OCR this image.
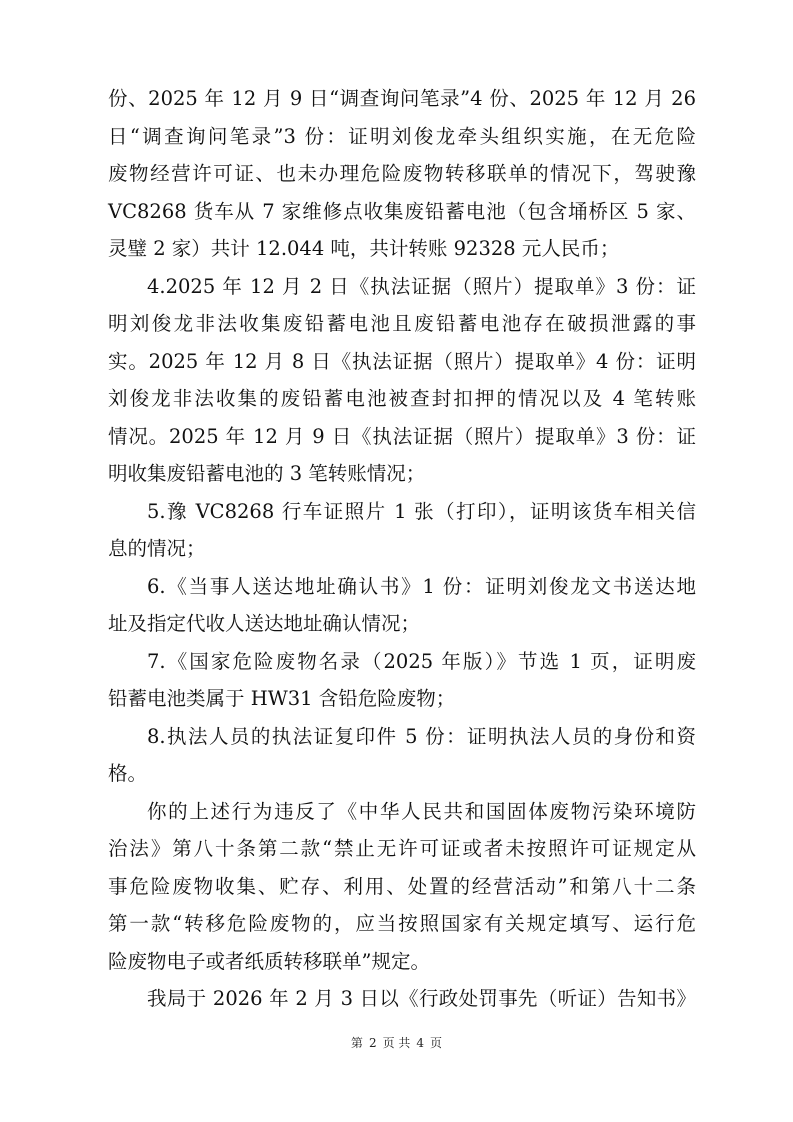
份、2025 年 12 月 9 日“调查询问笔录”4 份、2025 年 12 月 26
日“调查询问笔录”3 份：证明刘俊龙牵头组织实施，在无危险
废物经营许可证、也未办理危险废物转移联单的情况下，驾驶豫
VC8268 货车从 7 家维修点收集废铅蓄电池（包含埇桥区 5 家、
灵璧 2 家）共计 12.044 吨，共计转账 92328 元人民币；
4.2025 年 12 月 2 日《执法证据（照片）提取单》3 份：证
明刘俊龙非法收集废铅蓄电池且废铅蓄电池存在破损泄露的事
实。2025 年 12 月 8 日《执法证据（照片）提取单》4 份：证明
刘俊龙非法收集的废铅蓄电池被查封扣押的情况以及 4 笔转账
情况。2025 年 12 月 9 日《执法证据（照片）提取单》3 份：证
明收集废铅蓄电池的 3 笔转账情况；
5.豫 VC8268 行车证照片 1 张（打印），证明该货车相关信
息的情况；
6.《当事人送达地址确认书》1 份：证明刘俊龙文书送达地
址及指定代收人送达地址确认情况；
7.《国家危险废物名录（2025 年版）》节选 1 页，证明废
铅蓄电池类属于 HW31 含铅危险废物；
8.执法人员的执法证复印件 5 份：证明执法人员的身份和资
格。
你的上述行为违反了《中华人民共和国固体废物污染环境防
治法》第八十条第二款“禁止无许可证或者未按照许可证规定从
事危险废物收集、贮存、利用、处置的经营活动”和第八十二条
第一款“转移危险废物的，应当按照国家有关规定填写、运行危
险废物电子或者纸质转移联单”规定。
我局于 2026 年 2 月 3 日以《行政处罚事先（听证）告知书》
第 2 页 共 4 页
